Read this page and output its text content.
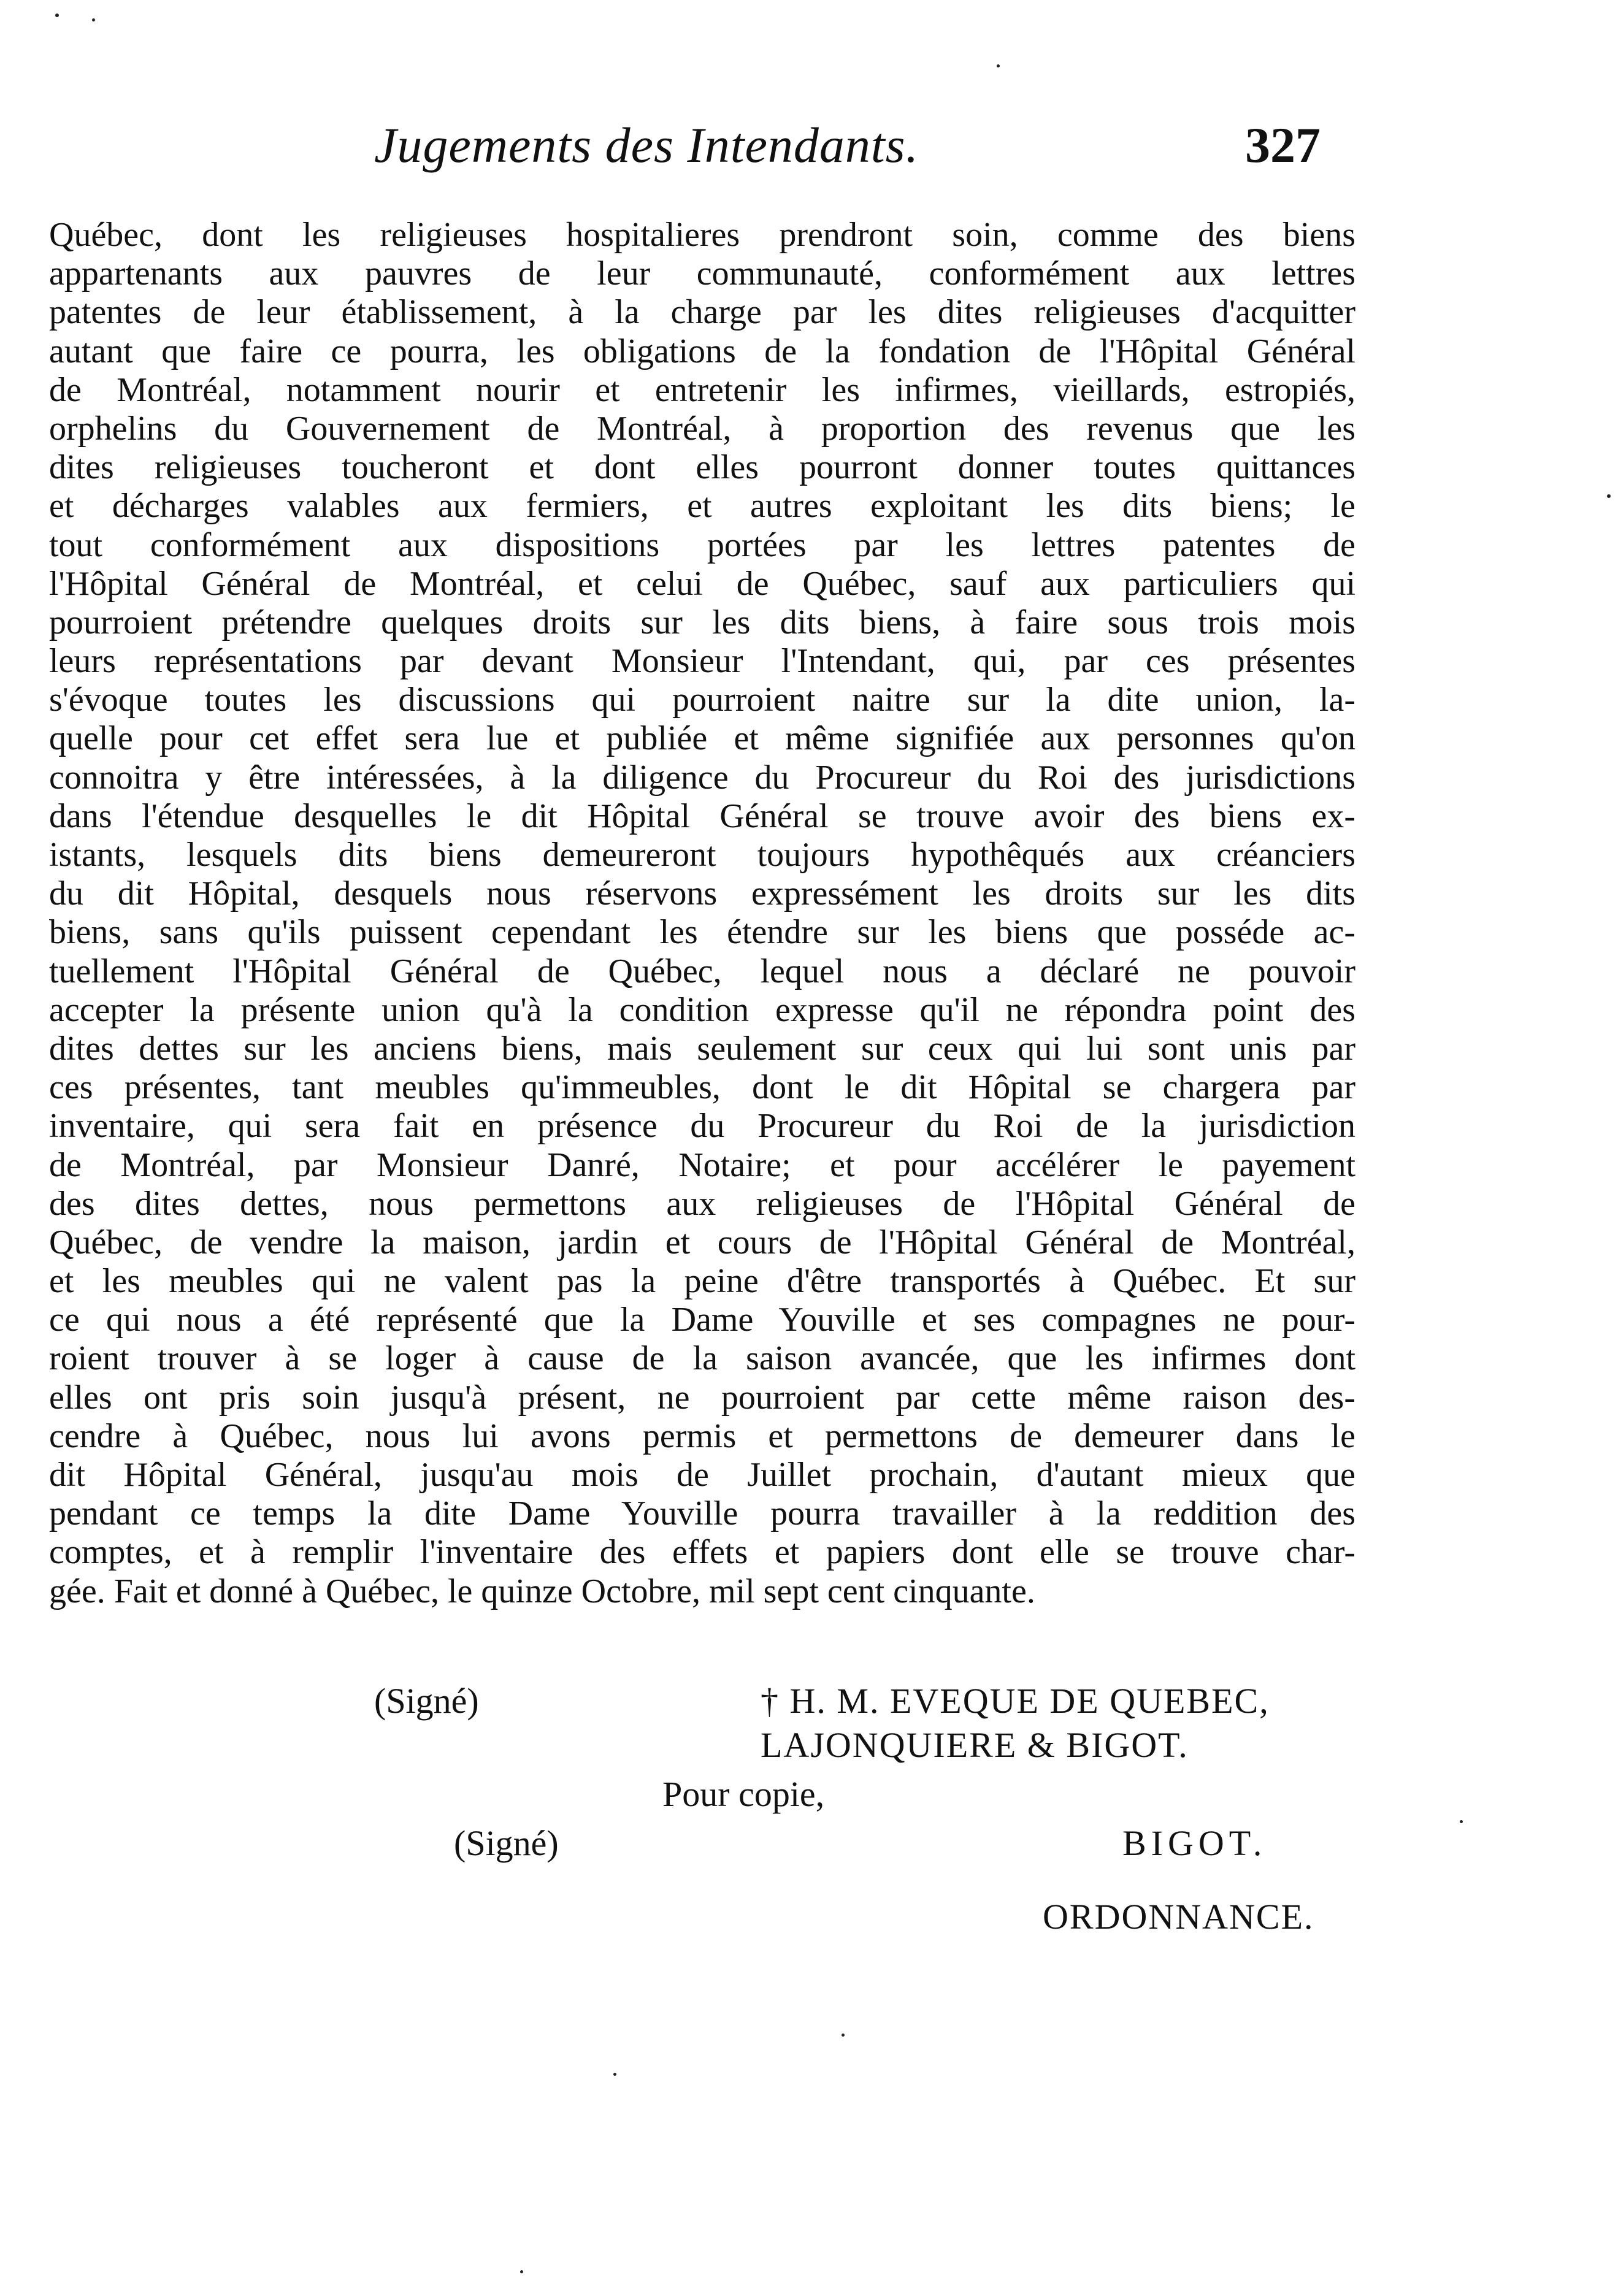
Jugements des Intendants.	327
Québec, dont les religieuses hospitalieres prendront soin, comme des biens
appartenants aux pauvres de leur communauté, conformément aux lettres
patentes de leur établissement, à la charge par les dites religieuses d'acquitter
autant que faire ce pourra, les obligations de la fondation de l'Hôpital Général
de Montréal, notamment nourir et entretenir les infirmes, vieillards, estropiés,
orphelins du Gouvernement de Montréal, à proportion des revenus que les
dites religieuses toucheront et dont elles pourront donner toutes quittances
et décharges valables aux fermiers, et autres exploitant les dits biens; le
tout conformément aux dispositions portées par les lettres patentes de
l'Hôpital Général de Montréal, et celui de Québec, sauf aux particuliers qui
pourroient prétendre quelques droits sur les dits biens, à faire sous trois mois
leurs représentations par devant Monsieur l'Intendant, qui, par ces présentes
s'évoque toutes les discussions qui pourroient naitre sur la dite union, la-
quelle pour cet effet sera lue et publiée et même signifiée aux personnes qu'on
connoitra y être intéressées, à la diligence du Procureur du Roi des jurisdictions
dans l'étendue desquelles le dit Hôpital Général se trouve avoir des biens ex-
istants, lesquels dits biens demeureront toujours hypothêqués aux créanciers
du dit Hôpital, desquels nous réservons expressément les droits sur les dits
biens, sans qu'ils puissent cependant les étendre sur les biens que posséde ac-
tuellement l'Hôpital Général de Québec, lequel nous a déclaré ne pouvoir
accepter la présente union qu'à la condition expresse qu'il ne répondra point des
dites dettes sur les anciens biens, mais seulement sur ceux qui lui sont unis par
ces présentes, tant meubles qu'immeubles, dont le dit Hôpital se chargera par
inventaire, qui sera fait en présence du Procureur du Roi de la jurisdiction
de Montréal, par Monsieur Danré, Notaire; et pour accélérer le payement
des dites dettes, nous permettons aux religieuses de l'Hôpital Général de
Québec, de vendre la maison, jardin et cours de l'Hôpital Général de Montréal,
et les meubles qui ne valent pas la peine d'être transportés à Québec. Et sur
ce qui nous a été représenté que la Dame Youville et ses compagnes ne pour-
roient trouver à se loger à cause de la saison avancée, que les infirmes dont
elles ont pris soin jusqu'à présent, ne pourroient par cette même raison des-
cendre à Québec, nous lui avons permis et permettons de demeurer dans le
dit Hôpital Général, jusqu'au mois de Juillet prochain, d'autant mieux que
pendant ce temps la dite Dame Youville pourra travailler à la reddition des
comptes, et à remplir l'inventaire des effets et papiers dont elle se trouve char-
gée. Fait et donné à Québec, le quinze Octobre, mil sept cent cinquante.
(Signé)	† H. M. EVEQUE DE QUEBEC,
LAJONQUIERE & BIGOT.
Pour copie,
(Signé)	BIGOT.
ORDONNANCE.
